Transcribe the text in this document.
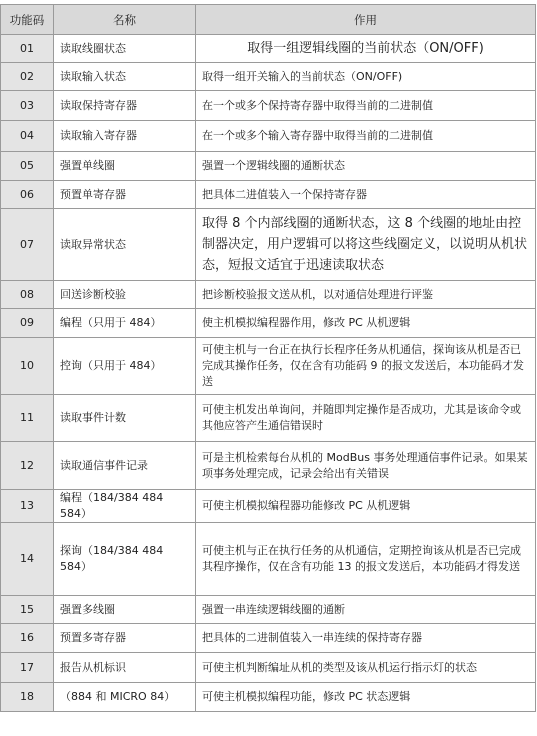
功能码	名称	作用
01	读取线圈状态	取得一组逻辑线圈的当前状态（ON/OFF)
02	读取输入状态	取得一组开关输入的当前状态（ON/OFF)
03	读取保持寄存器	在一个或多个保持寄存器中取得当前的二进制值
04	读取输入寄存器	在一个或多个输入寄存器中取得当前的二进制值
05	强置单线圈	强置一个逻辑线圈的通断状态
06	预置单寄存器	把具体二进值装入一个保持寄存器
07	读取异常状态	取得 8 个内部线圈的通断状态，这 8 个线圈的地址由控制器决定，用户逻辑可以将这些线圈定义，以说明从机状态，短报文适宜于迅速读取状态
08	回送诊断校验	把诊断校验报文送从机，以对通信处理进行评鉴
09	编程（只用于 484）	使主机模拟编程器作用，修改 PC 从机逻辑
10	控询（只用于 484）	可使主机与一台正在执行长程序任务从机通信，探询该从机是否已完成其操作任务，仅在含有功能码 9 的报文发送后，本功能码才发送
11	读取事件计数	可使主机发出单询问，并随即判定操作是否成功，尤其是该命令或其他应答产生通信错误时
12	读取通信事件记录	可是主机检索每台从机的 ModBus 事务处理通信事件记录。如果某项事务处理完成，记录会给出有关错误
13	编程（184/384 484 584）	可使主机模拟编程器功能修改 PC 从机逻辑
14	探询（184/384 484 584）	可使主机与正在执行任务的从机通信，定期控询该从机是否已完成其程序操作，仅在含有功能 13 的报文发送后，本功能码才得发送
15	强置多线圈	强置一串连续逻辑线圈的通断
16	预置多寄存器	把具体的二进制值装入一串连续的保持寄存器
17	报告从机标识	可使主机判断编址从机的类型及该从机运行指示灯的状态
18	（884 和 MICRO 84）	可使主机模拟编程功能，修改 PC 状态逻辑
